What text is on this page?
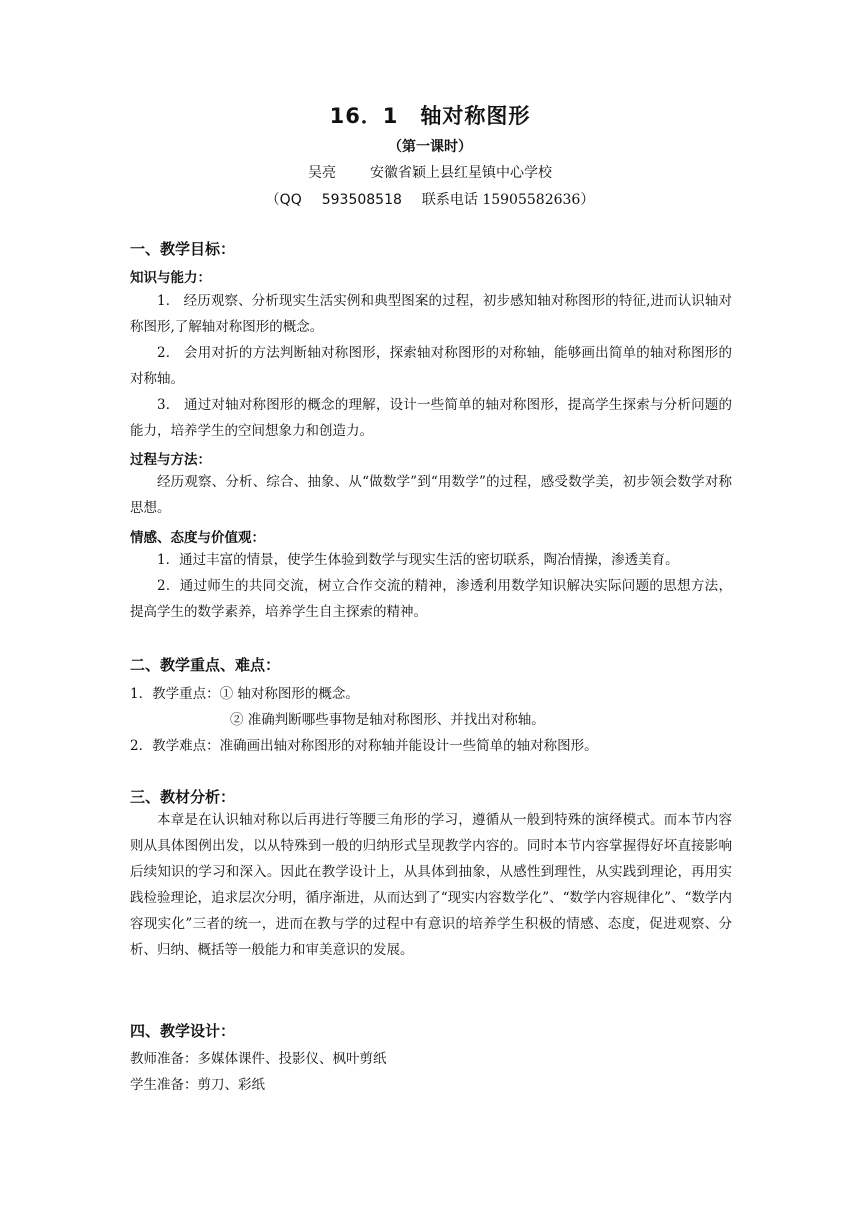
16．1　轴对称图形
（第一课时）
吴亮 安徽省颖上县红星镇中心学校
（QQ 593508518 联系电话 15905582636）
一、教学目标：
知识与能力：

1． 经历观察、分析现实生活实例和典型图案的过程，初步感知轴对称图形的特征,进而认识轴对称图形,了解轴对称图形的概念。

2． 会用对折的方法判断轴对称图形，探索轴对称图形的对称轴，能够画出简单的轴对称图形的对称轴。

3． 通过对轴对称图形的概念的理解，设计一些简单的轴对称图形，提高学生探索与分析问题的能力，培养学生的空间想象力和创造力。

过程与方法：

经历观察、分析、综合、抽象、从“做数学”到“用数学”的过程，感受数学美，初步领会数学对称思想。

情感、态度与价值观：

1．通过丰富的情景，使学生体验到数学与现实生活的密切联系，陶冶情操，渗透美育。

2．通过师生的共同交流，树立合作交流的精神，渗透利用数学知识解决实际问题的思想方法，提高学生的数学素养，培养学生自主探索的精神。

二、教学重点、难点：
1．教学重点：① 轴对称图形的概念。
② 准确判断哪些事物是轴对称图形、并找出对称轴。
2．教学难点：准确画出轴对称图形的对称轴并能设计一些简单的轴对称图形。
三、教材分析：

本章是在认识轴对称以后再进行等腰三角形的学习，遵循从一般到特殊的演绎模式。而本节内容则从具体图例出发，以从特殊到一般的归纳形式呈现教学内容的。同时本节内容掌握得好坏直接影响后续知识的学习和深入。因此在教学设计上，从具体到抽象，从感性到理性，从实践到理论，再用实践检验理论，追求层次分明，循序渐进，从而达到了“现实内容数学化”、“数学内容规律化”、“数学内容现实化”三者的统一，进而在教与学的过程中有意识的培养学生积极的情感、态度，促进观察、分析、归纳、概括等一般能力和审美意识的发展。

四、教学设计：
教师准备：多媒体课件、投影仪、枫叶剪纸
学生准备：剪刀、彩纸
